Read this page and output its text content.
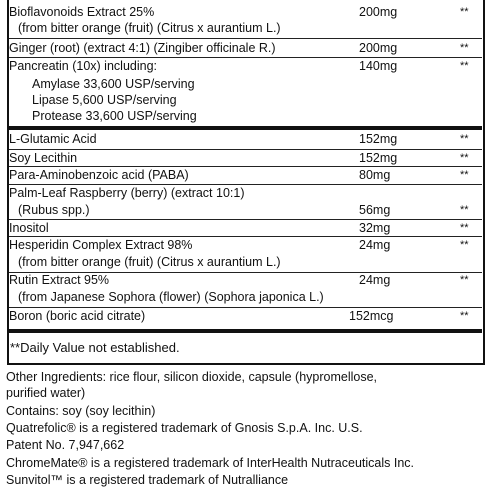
Bioflavonoids Extract 25%	200mg	**
(from bitter orange (fruit) (Citrus x aurantium L.)
Ginger (root) (extract 4:1) (Zingiber officinale R.)	200mg	**
Pancreatin (10x) including:	140mg	**
Amylase 33,600 USP/serving
Lipase 5,600 USP/serving
Protease 33,600 USP/serving
L-Glutamic Acid	152mg	**
Soy Lecithin	152mg	**
Para-Aminobenzoic acid (PABA)	80mg	**
Palm-Leaf Raspberry (berry) (extract 10:1)
(Rubus spp.)	56mg	**
Inositol	32mg	**
Hesperidin Complex Extract 98%	24mg	**
(from bitter orange (fruit) (Citrus x aurantium L.)
Rutin Extract 95%	24mg	**
(from Japanese Sophora (flower) (Sophora japonica L.)
Boron (boric acid citrate)	152mcg	**
**Daily Value not established.
Other Ingredients: rice flour, silicon dioxide, capsule (hypromellose,
purified water)
Contains: soy (soy lecithin)
Quatrefolic® is a registered trademark of Gnosis S.p.A. Inc. U.S.
Patent No. 7,947,662
ChromeMate® is a registered trademark of InterHealth Nutraceuticals Inc.
Sunvitol™ is a registered trademark of Nutralliance
